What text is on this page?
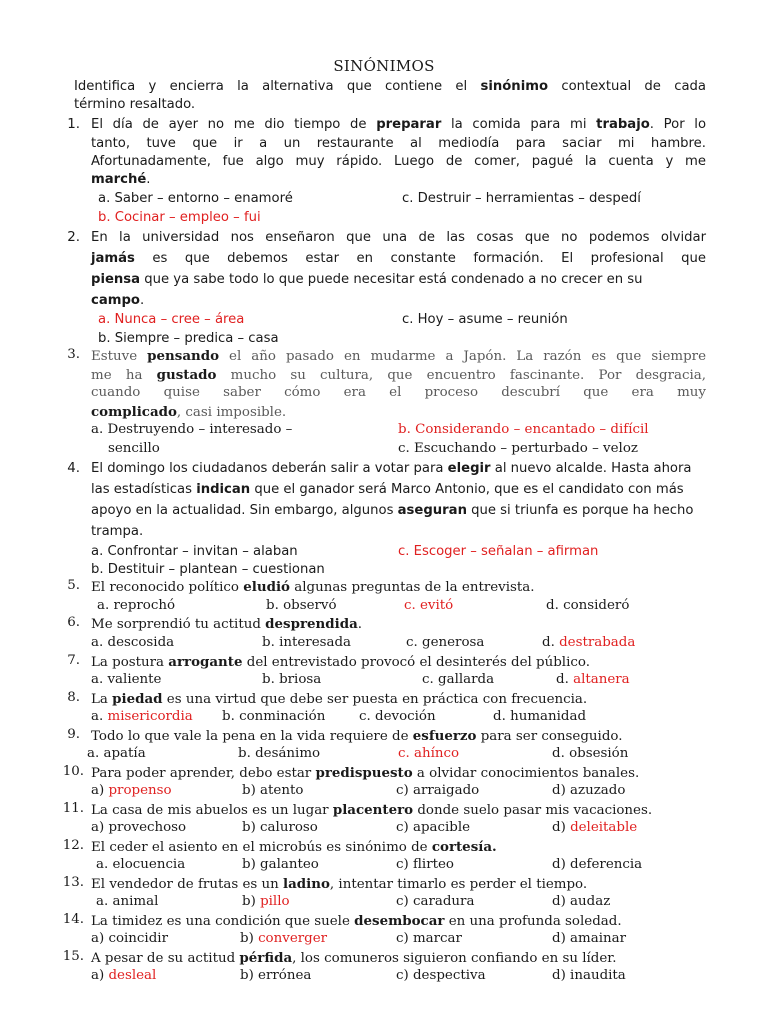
SINÓNIMOS
Identifica y encierra la alternativa que contiene el sinónimo contextual de cada
término resaltado.
1. El día de ayer no me dio tiempo de preparar la comida para mi trabajo. Por lo
tanto, tuve que ir a un restaurante al mediodía para saciar mi hambre.
Afortunadamente, fue algo muy rápido. Luego de comer, pagué la cuenta y me
marché.
a. Saber – entorno – enamoré	c. Destruir – herramientas – despedí
b. Cocinar – empleo – fui
2. En la universidad nos enseñaron que una de las cosas que no podemos olvidar
jamás es que debemos estar en constante formación. El profesional que
piensa que ya sabe todo lo que puede necesitar está condenado a no crecer en su
campo.
a. Nunca – cree – área	c. Hoy – asume – reunión
b. Siempre – predica – casa
3. Estuve pensando el año pasado en mudarme a Japón. La razón es que siempre
me ha gustado mucho su cultura, que encuentro fascinante. Por desgracia,
cuando quise saber cómo era el proceso descubrí que era muy
complicado, casi imposible.
a. Destruyendo – interesado –
sencillo
b. Considerando – encantado – difícil
c. Escuchando – perturbado – veloz
4. El domingo los ciudadanos deberán salir a votar para elegir al nuevo alcalde. Hasta ahora
las estadísticas indican que el ganador será Marco Antonio, que es el candidato con más
apoyo en la actualidad. Sin embargo, algunos aseguran que si triunfa es porque ha hecho
trampa.
a. Confrontar – invitan – alaban	c. Escoger – señalan – afirman
b. Destituir – plantean – cuestionan
5. El reconocido político eludió algunas preguntas de la entrevista.
a. reprochó	b. observó	c. evitó	d. consideró
6. Me sorprendió tu actitud desprendida.
a. descosida	b. interesada	c. generosa	d. destrabada
7. La postura arrogante del entrevistado provocó el desinterés del público.
a. valiente	b. briosa	c. gallarda	d. altanera
8. La piedad es una virtud que debe ser puesta en práctica con frecuencia.
a. misericordia b. conminación	c. devoción	d. humanidad
9. Todo lo que vale la pena en la vida requiere de esfuerzo para ser conseguido.
a. apatía	b. desánimo	c. ahínco	d. obsesión
10. Para poder aprender, debo estar predispuesto a olvidar conocimientos banales.
a) propenso	b) atento	c) arraigado	d) azuzado
11. La casa de mis abuelos es un lugar placentero donde suelo pasar mis vacaciones.
a) provechoso	b) caluroso	c) apacible	d) deleitable
12. El ceder el asiento en el microbús es sinónimo de cortesía.
a. elocuencia	b) galanteo	c) flirteo	d) deferencia
13. El vendedor de frutas es un ladino, intentar timarlo es perder el tiempo.
a. animal	b) pillo	c) caradura	d) audaz
14. La timidez es una condición que suele desembocar en una profunda soledad.
a) coincidir	b) converger	c) marcar	d) amainar
15. A pesar de su actitud pérfida, los comuneros siguieron confiando en su líder.
a) desleal	b) errónea	c) despectiva	d) inaudita
